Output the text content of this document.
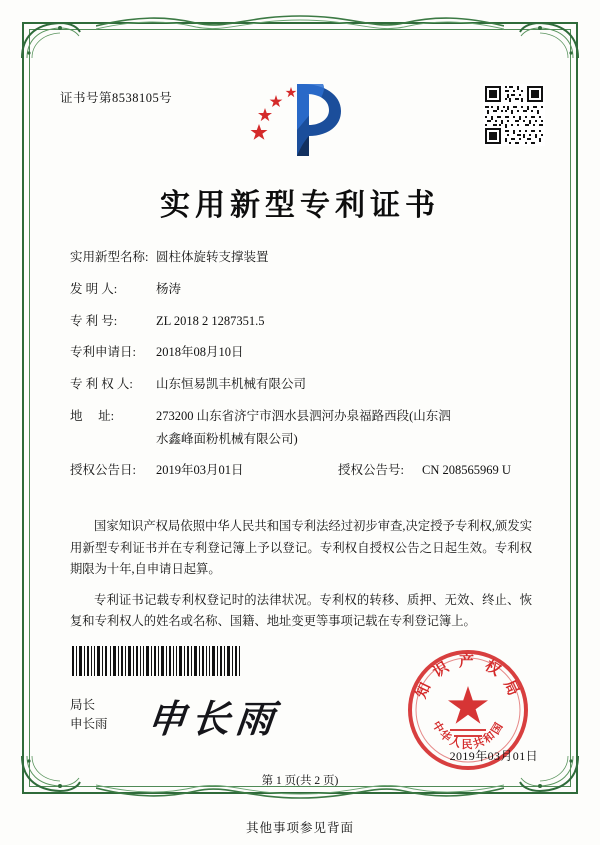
证书号第8538105号
实用新型专利证书
实用新型名称: 圆柱体旋转支撑装置
发 明 人:	杨涛
专 利 号:	ZL 2018 2 1287351.5
专利申请日:	2018年08月10日
专 利 权 人:	山东恒易凯丰机械有限公司
地     址:	273200 山东省济宁市泗水县泗河办泉福路西段(山东泗
水鑫峰面粉机械有限公司)
授权公告日:	2019年03月01日	授权公告号:	CN 208565969 U

国家知识产权局依照中华人民共和国专利法经过初步审查,决定授予专利权,颁发实用新型专利证书并在专利登记簿上予以登记。专利权自授权公告之日起生效。专利权期限为十年,自申请日起算。

专利证书记载专利权登记时的法律状况。专利权的转移、质押、无效、终止、恢复和专利权人的姓名或名称、国籍、地址变更等事项记载在专利登记簿上。

局长
申长雨 申长雨
知 识 产 权 局
中华人民共和国
2019年03月01日
第 1 页(共 2 页)
其他事项参见背面
